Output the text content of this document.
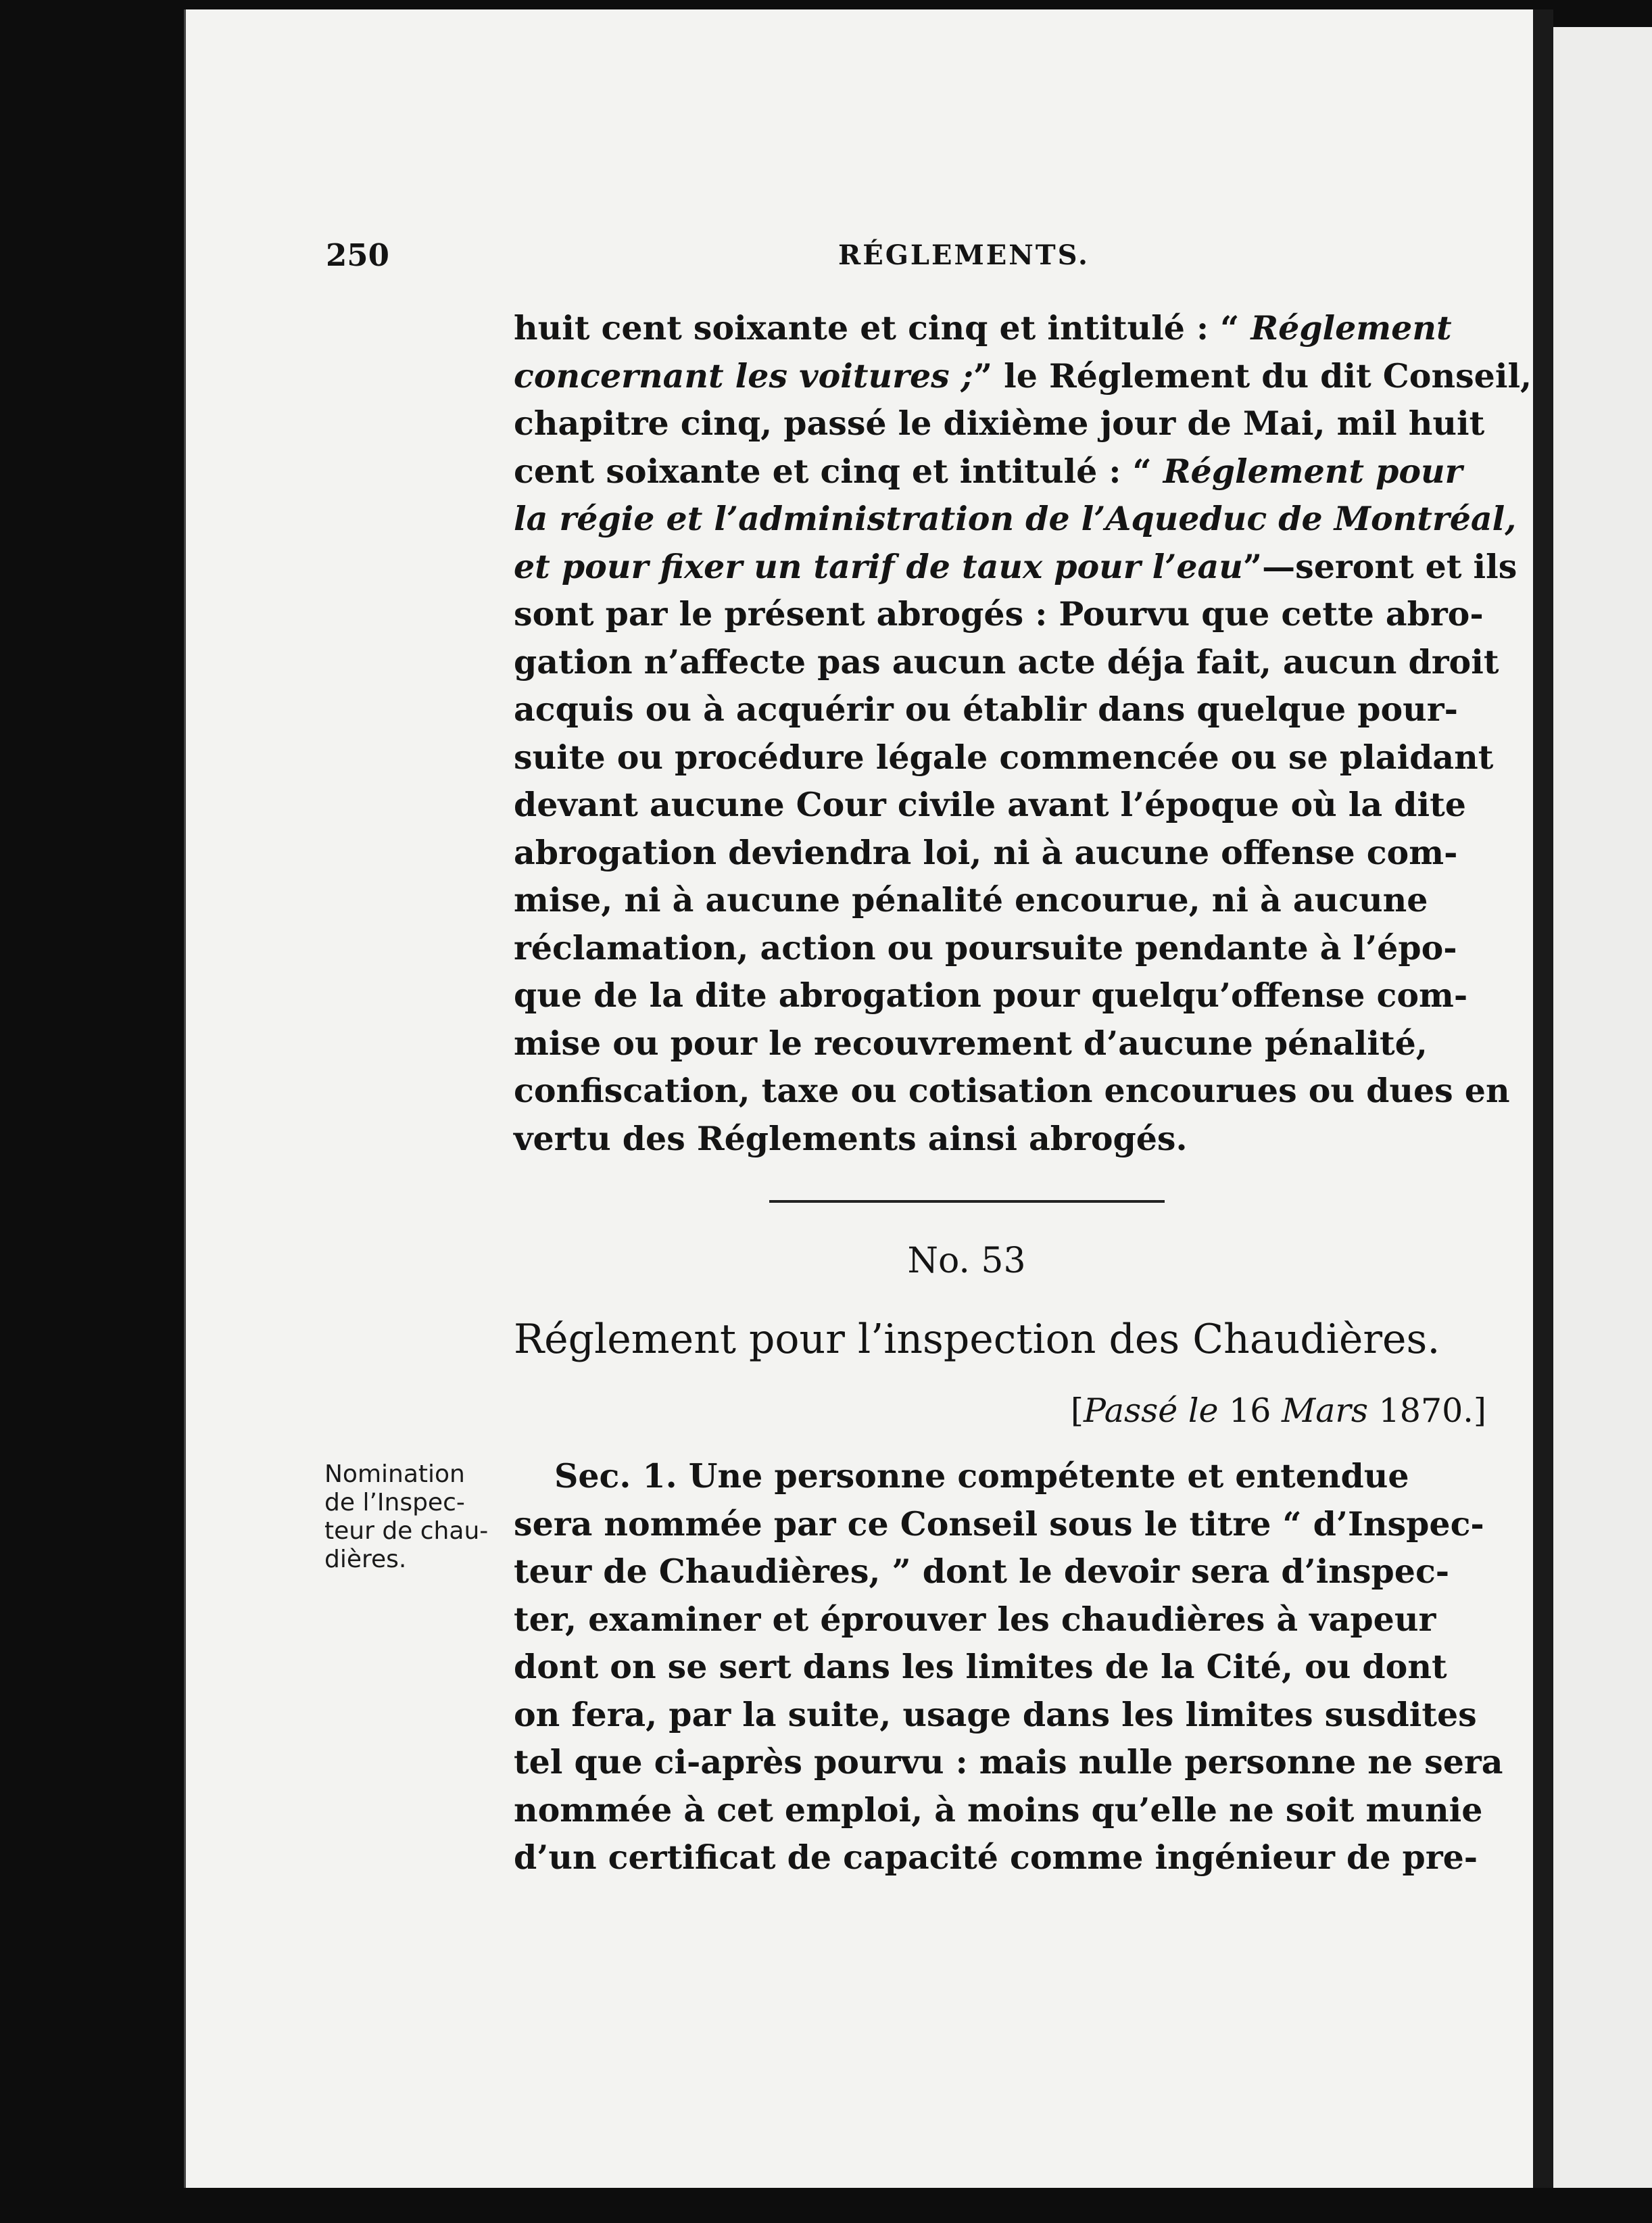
250	RÉGLEMENTS.
huit cent soixante et cinq et intitulé : “ Réglement
concernant les voitures ;” le Réglement du dit Conseil,
chapitre cinq, passé le dixième jour de Mai, mil huit
cent soixante et cinq et intitulé : “ Réglement pour
la régie et l’administration de l’Aqueduc de Montréal,
et pour fixer un tarif de taux pour l’eau”—seront et ils
sont par le présent abrogés : Pourvu que cette abro-
gation n’affecte pas aucun acte déja fait, aucun droit
acquis ou à acquérir ou établir dans quelque pour-
suite ou procédure légale commencée ou se plaidant
devant aucune Cour civile avant l’époque où la dite
abrogation deviendra loi, ni à aucune offense com-
mise, ni à aucune pénalité encourue, ni à aucune
réclamation, action ou poursuite pendante à l’épo-
que de la dite abrogation pour quelqu’offense com-
mise ou pour le recouvrement d’aucune pénalité,
confiscation, taxe ou cotisation encourues ou dues en
vertu des Réglements ainsi abrogés.
No. 53
Réglement pour l’inspection des Chaudières.
[Passé le 16 Mars 1870.]
Nomination
de l’Inspec-
teur de chau-
dières.
Sec. 1. Une personne compétente et entendue
sera nommée par ce Conseil sous le titre “ d’Inspec-
teur de Chaudières, ” dont le devoir sera d’inspec-
ter, examiner et éprouver les chaudières à vapeur
dont on se sert dans les limites de la Cité, ou dont
on fera, par la suite, usage dans les limites susdites
tel que ci-après pourvu : mais nulle personne ne sera
nommée à cet emploi, à moins qu’elle ne soit munie
d’un certificat de capacité comme ingénieur de pre-
